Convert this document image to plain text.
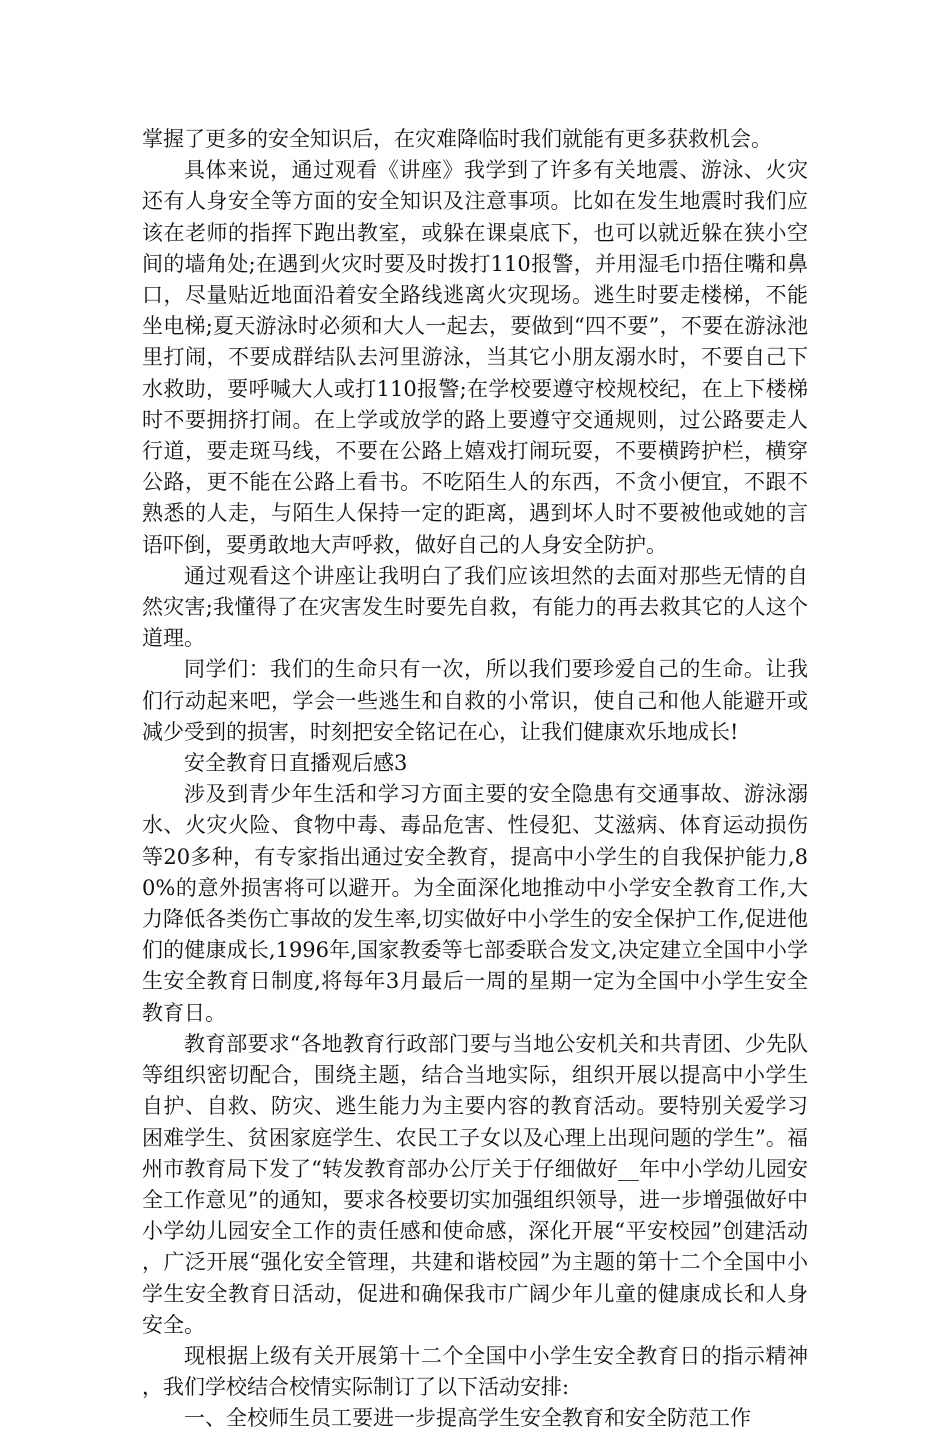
掌握了更多的安全知识后，在灾难降临时我们就能有更多获救机会。

具体来说，通过观看《讲座》我学到了许多有关地震、游泳、火灾还有人身安全等方面的安全知识及注意事项。比如在发生地震时我们应该在老师的指挥下跑出教室，或躲在课桌底下，也可以就近躲在狭小空间的墙角处;在遇到火灾时要及时拨打110报警，并用湿毛巾捂住嘴和鼻口，尽量贴近地面沿着安全路线逃离火灾现场。逃生时要走楼梯，不能坐电梯;夏天游泳时必须和大人一起去，要做到“四不要”，不要在游泳池里打闹，不要成群结队去河里游泳，当其它小朋友溺水时，不要自己下水救助，要呼喊大人或打110报警;在学校要遵守校规校纪，在上下楼梯时不要拥挤打闹。在上学或放学的路上要遵守交通规则，过公路要走人行道，要走斑马线，不要在公路上嬉戏打闹玩耍，不要横跨护栏，横穿公路，更不能在公路上看书。不吃陌生人的东西，不贪小便宜，不跟不熟悉的人走，与陌生人保持一定的距离，遇到坏人时不要被他或她的言语吓倒，要勇敢地大声呼救，做好自己的人身安全防护。

通过观看这个讲座让我明白了我们应该坦然的去面对那些无情的自然灾害;我懂得了在灾害发生时要先自救，有能力的再去救其它的人这个道理。

同学们：我们的生命只有一次，所以我们要珍爱自己的生命。让我们行动起来吧，学会一些逃生和自救的小常识，使自己和他人能避开或减少受到的损害，时刻把安全铭记在心，让我们健康欢乐地成长!

安全教育日直播观后感3

涉及到青少年生活和学习方面主要的安全隐患有交通事故、游泳溺水、火灾火险、食物中毒、毒品危害、性侵犯、艾滋病、体育运动损伤等20多种，有专家指出通过安全教育，提高中小学生的自我保护能力,80%的意外损害将可以避开。为全面深化地推动中小学安全教育工作,大力降低各类伤亡事故的发生率,切实做好中小学生的安全保护工作,促进他们的健康成长,1996年,国家教委等七部委联合发文,决定建立全国中小学生安全教育日制度,将每年3月最后一周的星期一定为全国中小学生安全教育日。

教育部要求“各地教育行政部门要与当地公安机关和共青团、少先队等组织密切配合，围绕主题，结合当地实际，组织开展以提高中小学生自护、自救、防灾、逃生能力为主要内容的教育活动。要特别关爱学习困难学生、贫困家庭学生、农民工子女以及心理上出现问题的学生”。福州市教育局下发了“转发教育部办公厅关于仔细做好__年中小学幼儿园安全工作意见”的通知，要求各校要切实加强组织领导，进一步增强做好中小学幼儿园安全工作的责任感和使命感，深化开展“平安校园”创建活动，广泛开展“强化安全管理，共建和谐校园”为主题的第十二个全国中小学生安全教育日活动，促进和确保我市广阔少年儿童的健康成长和人身安全。

现根据上级有关开展第十二个全国中小学生安全教育日的指示精神，我们学校结合校情实际制订了以下活动安排:

一、全校师生员工要进一步提高学生安全教育和安全防范工作
